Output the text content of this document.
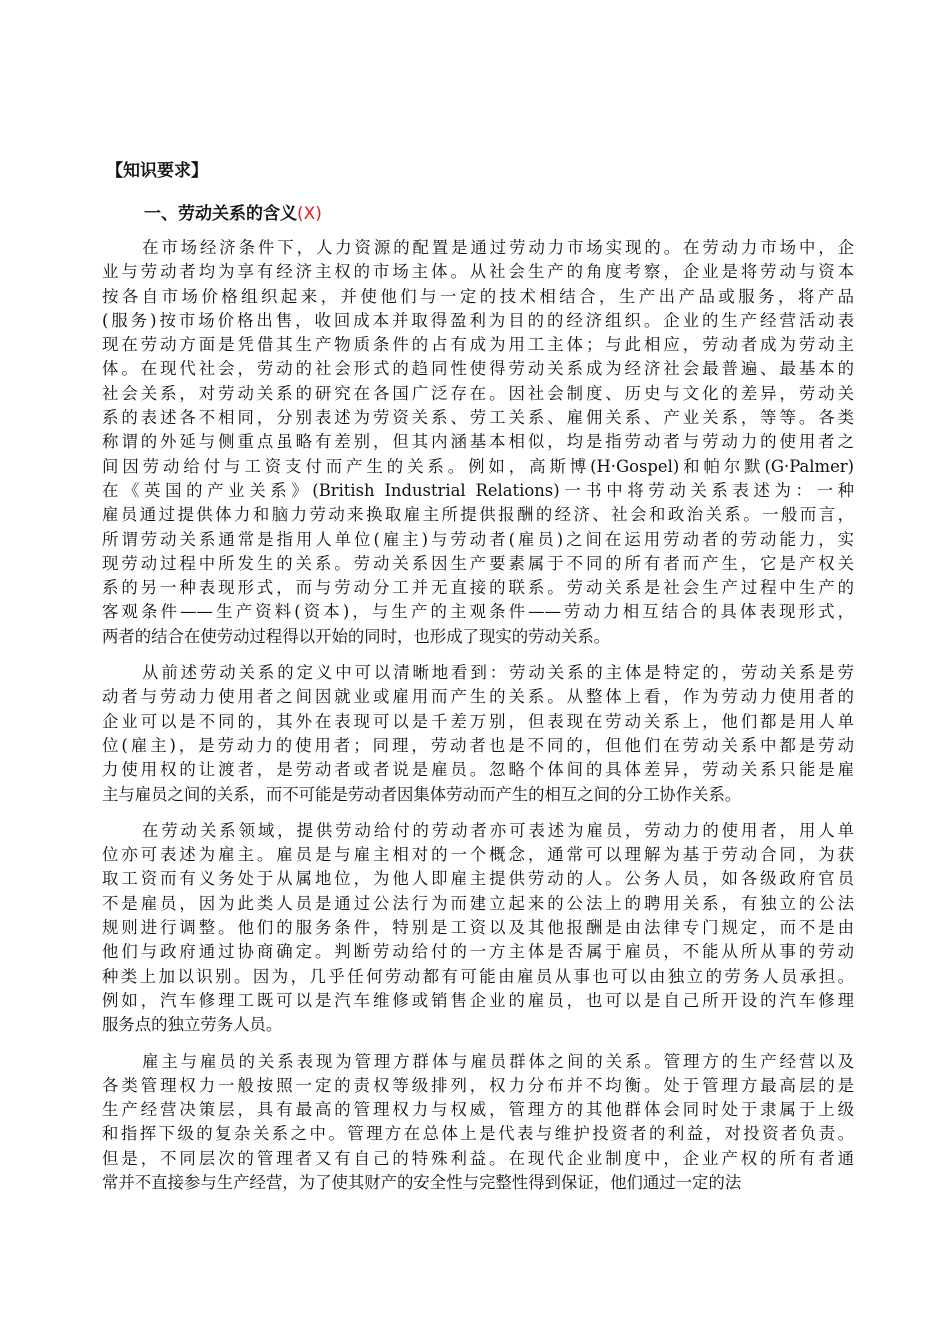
【知识要求】
一、劳动关系的含义(X)
在市场经济条件下，人力资源的配置是通过劳动力市场实现的。在劳动力市场中，企
业与劳动者均为享有经济主权的市场主体。从社会生产的角度考察，企业是将劳动与资本
按各自市场价格组织起来，并使他们与一定的技术相结合，生产出产品或服务，将产品
(服务)按市场价格出售，收回成本并取得盈利为目的的经济组织。企业的生产经营活动表
现在劳动方面是凭借其生产物质条件的占有成为用工主体；与此相应，劳动者成为劳动主
体。在现代社会，劳动的社会形式的趋同性使得劳动关系成为经济社会最普遍、最基本的
社会关系，对劳动关系的研究在各国广泛存在。因社会制度、历史与文化的差异，劳动关
系的表述各不相同，分别表述为劳资关系、劳工关系、雇佣关系、产业关系，等等。各类
称谓的外延与侧重点虽略有差别，但其内涵基本相似，均是指劳动者与劳动力的使用者之
间因劳动给付与工资支付而产生的关系。例如，高斯博(H·Gospel)和帕尔默(G·Palmer)
在《英国的产业关系》(British Industrial Relations)一书中将劳动关系表述为：一种
雇员通过提供体力和脑力劳动来换取雇主所提供报酬的经济、社会和政治关系。一般而言，
所谓劳动关系通常是指用人单位(雇主)与劳动者(雇员)之间在运用劳动者的劳动能力，实
现劳动过程中所发生的关系。劳动关系因生产要素属于不同的所有者而产生，它是产权关
系的另一种表现形式，而与劳动分工并无直接的联系。劳动关系是社会生产过程中生产的
客观条件——生产资料(资本)，与生产的主观条件——劳动力相互结合的具体表现形式，
两者的结合在使劳动过程得以开始的同时，也形成了现实的劳动关系。
从前述劳动关系的定义中可以清晰地看到：劳动关系的主体是特定的，劳动关系是劳
动者与劳动力使用者之间因就业或雇用而产生的关系。从整体上看，作为劳动力使用者的
企业可以是不同的，其外在表现可以是千差万别，但表现在劳动关系上，他们都是用人单
位(雇主)，是劳动力的使用者；同理，劳动者也是不同的，但他们在劳动关系中都是劳动
力使用权的让渡者，是劳动者或者说是雇员。忽略个体间的具体差异，劳动关系只能是雇
主与雇员之间的关系，而不可能是劳动者因集体劳动而产生的相互之间的分工协作关系。
在劳动关系领域，提供劳动给付的劳动者亦可表述为雇员，劳动力的使用者，用人单
位亦可表述为雇主。雇员是与雇主相对的一个概念，通常可以理解为基于劳动合同，为获
取工资而有义务处于从属地位，为他人即雇主提供劳动的人。公务人员，如各级政府官员
不是雇员，因为此类人员是通过公法行为而建立起来的公法上的聘用关系，有独立的公法
规则进行调整。他们的服务条件，特别是工资以及其他报酬是由法律专门规定，而不是由
他们与政府通过协商确定。判断劳动给付的一方主体是否属于雇员，不能从所从事的劳动
种类上加以识别。因为，几乎任何劳动都有可能由雇员从事也可以由独立的劳务人员承担。
例如，汽车修理工既可以是汽车维修或销售企业的雇员，也可以是自己所开设的汽车修理
服务点的独立劳务人员。
雇主与雇员的关系表现为管理方群体与雇员群体之间的关系。管理方的生产经营以及
各类管理权力一般按照一定的责权等级排列，权力分布并不均衡。处于管理方最高层的是
生产经营决策层，具有最高的管理权力与权威，管理方的其他群体会同时处于隶属于上级
和指挥下级的复杂关系之中。管理方在总体上是代表与维护投资者的利益，对投资者负责。
但是，不同层次的管理者又有自己的特殊利益。在现代企业制度中，企业产权的所有者通
常并不直接参与生产经营，为了使其财产的安全性与完整性得到保证，他们通过一定的法
